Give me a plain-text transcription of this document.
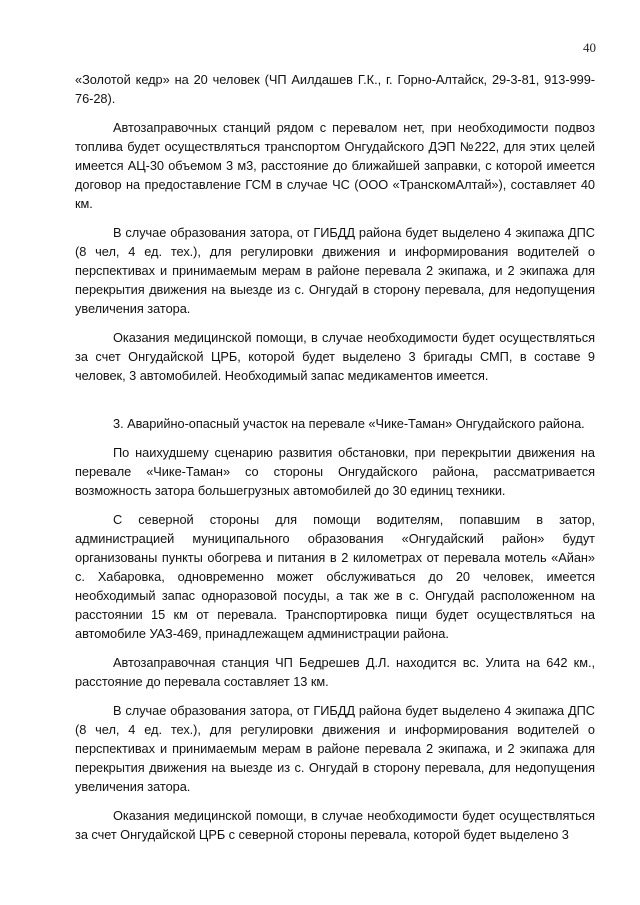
40

«Золотой кедр» на 20 человек (ЧП Аилдашев Г.К., г. Горно-Алтайск, 29-3-81, 913-999-76-28).

Автозаправочных станций рядом с перевалом нет, при необходимости подвоз топлива будет осуществляться транспортом Онгудайского ДЭП №222, для этих целей имеется АЦ-30 объемом 3 м3, расстояние до ближайшей заправки, с которой имеется договор на предоставление ГСМ в случае ЧС (ООО «ТранскомАлтай»), составляет 40 км.

В случае образования затора, от ГИБДД района будет выделено 4 экипажа ДПС (8 чел, 4 ед. тех.), для регулировки движения и информирования водителей о перспективах и принимаемым мерам в районе перевала 2 экипажа, и 2 экипажа для перекрытия движения на выезде из с. Онгудай в сторону перевала, для недопущения увеличения затора.

Оказания медицинской помощи, в случае необходимости будет осуществляться за счет Онгудайской ЦРБ, которой будет выделено 3 бригады СМП, в составе 9 человек, 3 автомобилей. Необходимый запас медикаментов имеется.

3. Аварийно-опасный участок на перевале «Чике-Таман» Онгудайского района.

По наихудшему сценарию развития обстановки, при перекрытии движения на перевале «Чике-Таман» со стороны Онгудайского района, рассматривается возможность затора большегрузных автомобилей до 30 единиц техники.

С северной стороны для помощи водителям, попавшим в затор, администрацией муниципального образования «Онгудайский район» будут организованы пункты обогрева и питания в 2 километрах от перевала мотель «Айан» с. Хабаровка, одновременно может обслуживаться до 20 человек, имеется необходимый запас одноразовой посуды, а так же в с. Онгудай расположенном на расстоянии 15 км от перевала. Транспортировка пищи будет осуществляться на автомобиле УАЗ-469, принадлежащем администрации района.

Автозаправочная станция ЧП Бедрешев Д.Л. находится вс. Улита на 642 км., расстояние до перевала составляет 13 км.

В случае образования затора, от ГИБДД района будет выделено 4 экипажа ДПС (8 чел, 4 ед. тех.), для регулировки движения и информирования водителей о перспективах и принимаемым мерам в районе перевала 2 экипажа, и 2 экипажа для перекрытия движения на выезде из с. Онгудай в сторону перевала, для недопущения увеличения затора.

Оказания медицинской помощи, в случае необходимости будет осуществляться за счет Онгудайской ЦРБ с северной стороны перевала, которой будет выделено 3
